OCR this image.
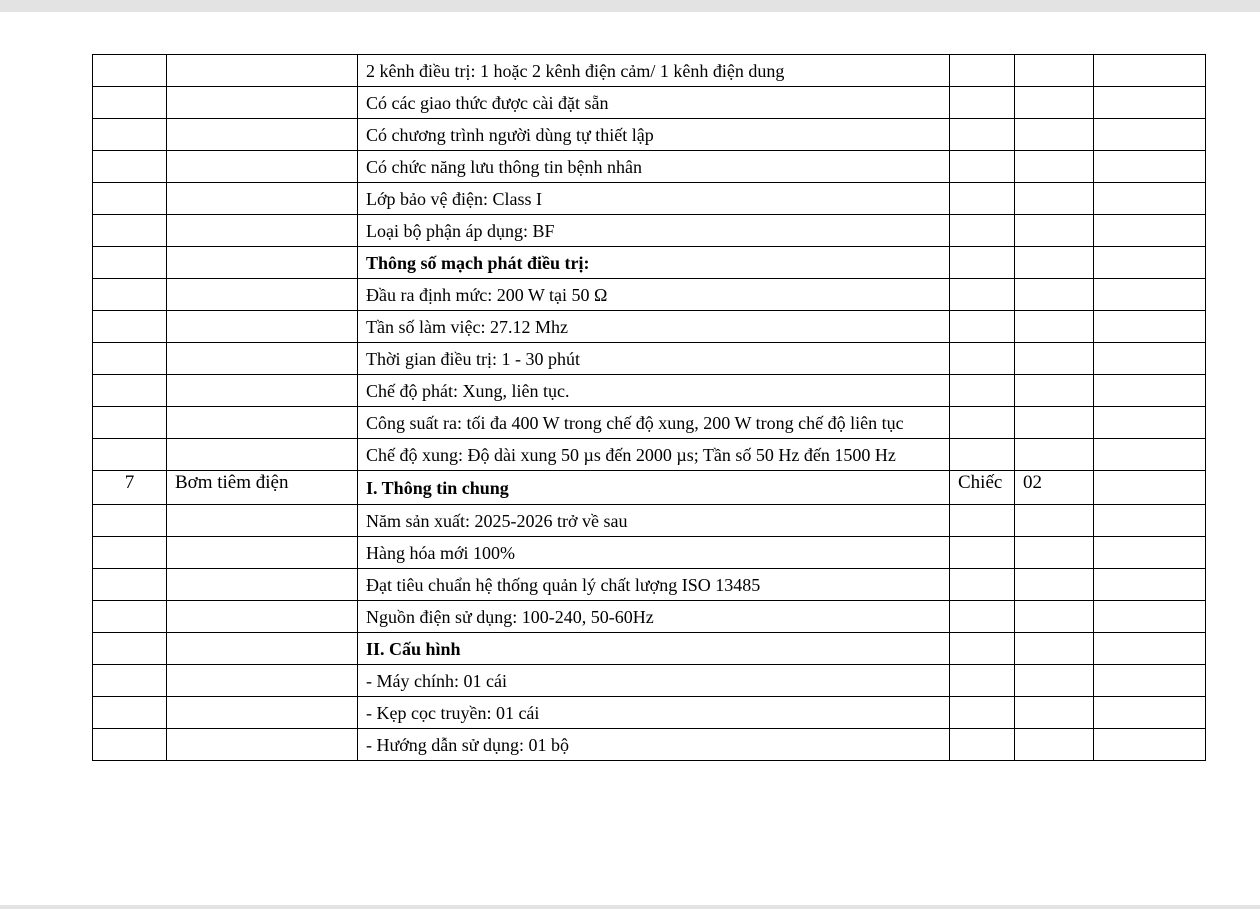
		2 kênh điều trị: 1 hoặc 2 kênh điện cảm/ 1 kênh điện dung			
		Có các giao thức được cài đặt sẵn			
		Có chương trình người dùng tự thiết lập			
		Có chức năng lưu thông tin bệnh nhân			
		Lớp bảo vệ điện: Class I			
		Loại bộ phận áp dụng: BF			
		Thông số mạch phát điều trị:			
		Đầu ra định mức: 200 W tại 50 Ω			
		Tần số làm việc: 27.12 Mhz			
		Thời gian điều trị: 1 - 30 phút			
		Chế độ phát: Xung, liên tục.			
		Công suất ra: tối đa 400 W trong chế độ xung, 200 W trong chế độ liên tục			
		Chế độ xung: Độ dài xung 50 µs đến 2000 µs; Tần số 50 Hz đến 1500 Hz			
7	Bơm tiêm điện	I. Thông tin chung	Chiếc	02	
		Năm sản xuất: 2025-2026 trở về sau			
		Hàng hóa mới 100%			
		Đạt tiêu chuẩn hệ thống quản lý chất lượng ISO 13485			
		Nguồn điện sử dụng: 100-240, 50-60Hz			
		II. Cấu hình			
		- Máy chính: 01 cái			
		- Kẹp cọc truyền: 01 cái			
		- Hướng dẫn sử dụng: 01 bộ			
